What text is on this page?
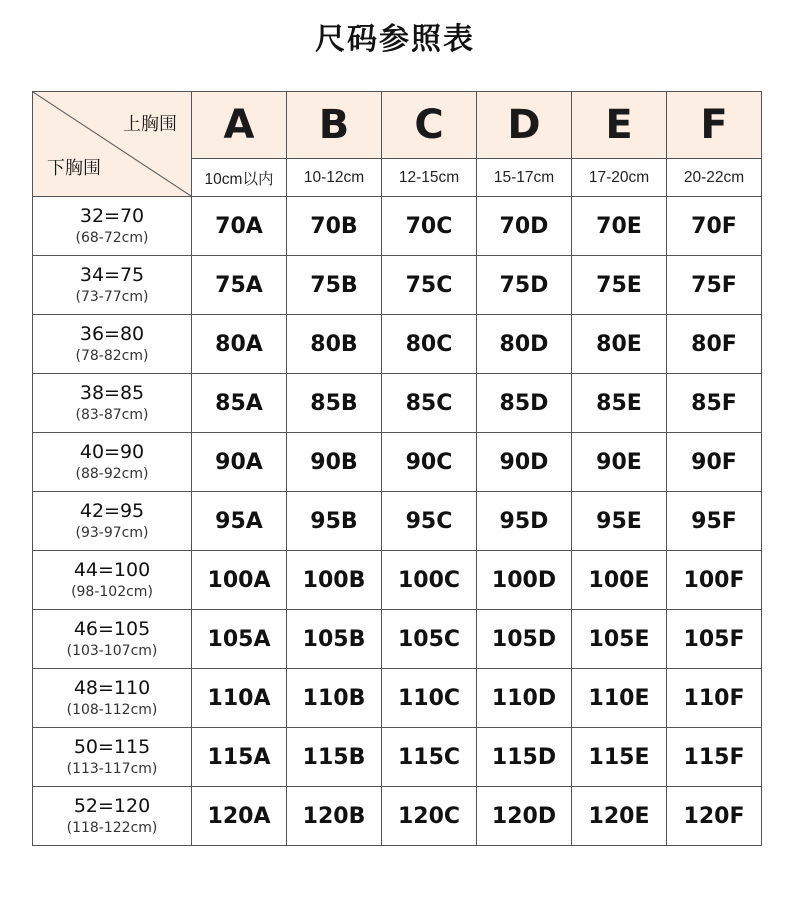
尺码参照表
上胸围
下胸围	A	B	C	D	E	F
	10cm以内	10-12cm	12-15cm	15-17cm	17-20cm	20-22cm

32=70
(68-72cm)	70A	70B	70C	70D	70E	70F

34=75
(73-77cm)	75A	75B	75C	75D	75E	75F

36=80
(78-82cm)	80A	80B	80C	80D	80E	80F

38=85
(83-87cm)	85A	85B	85C	85D	85E	85F

40=90
(88-92cm)	90A	90B	90C	90D	90E	90F

42=95
(93-97cm)	95A	95B	95C	95D	95E	95F

44=100
(98-102cm)	100A	100B	100C	100D	100E	100F

46=105
(103-107cm)	105A	105B	105C	105D	105E	105F

48=110
(108-112cm)	110A	110B	110C	110D	110E	110F

50=115
(113-117cm)	115A	115B	115C	115D	115E	115F

52=120
(118-122cm)	120A	120B	120C	120D	120E	120F
